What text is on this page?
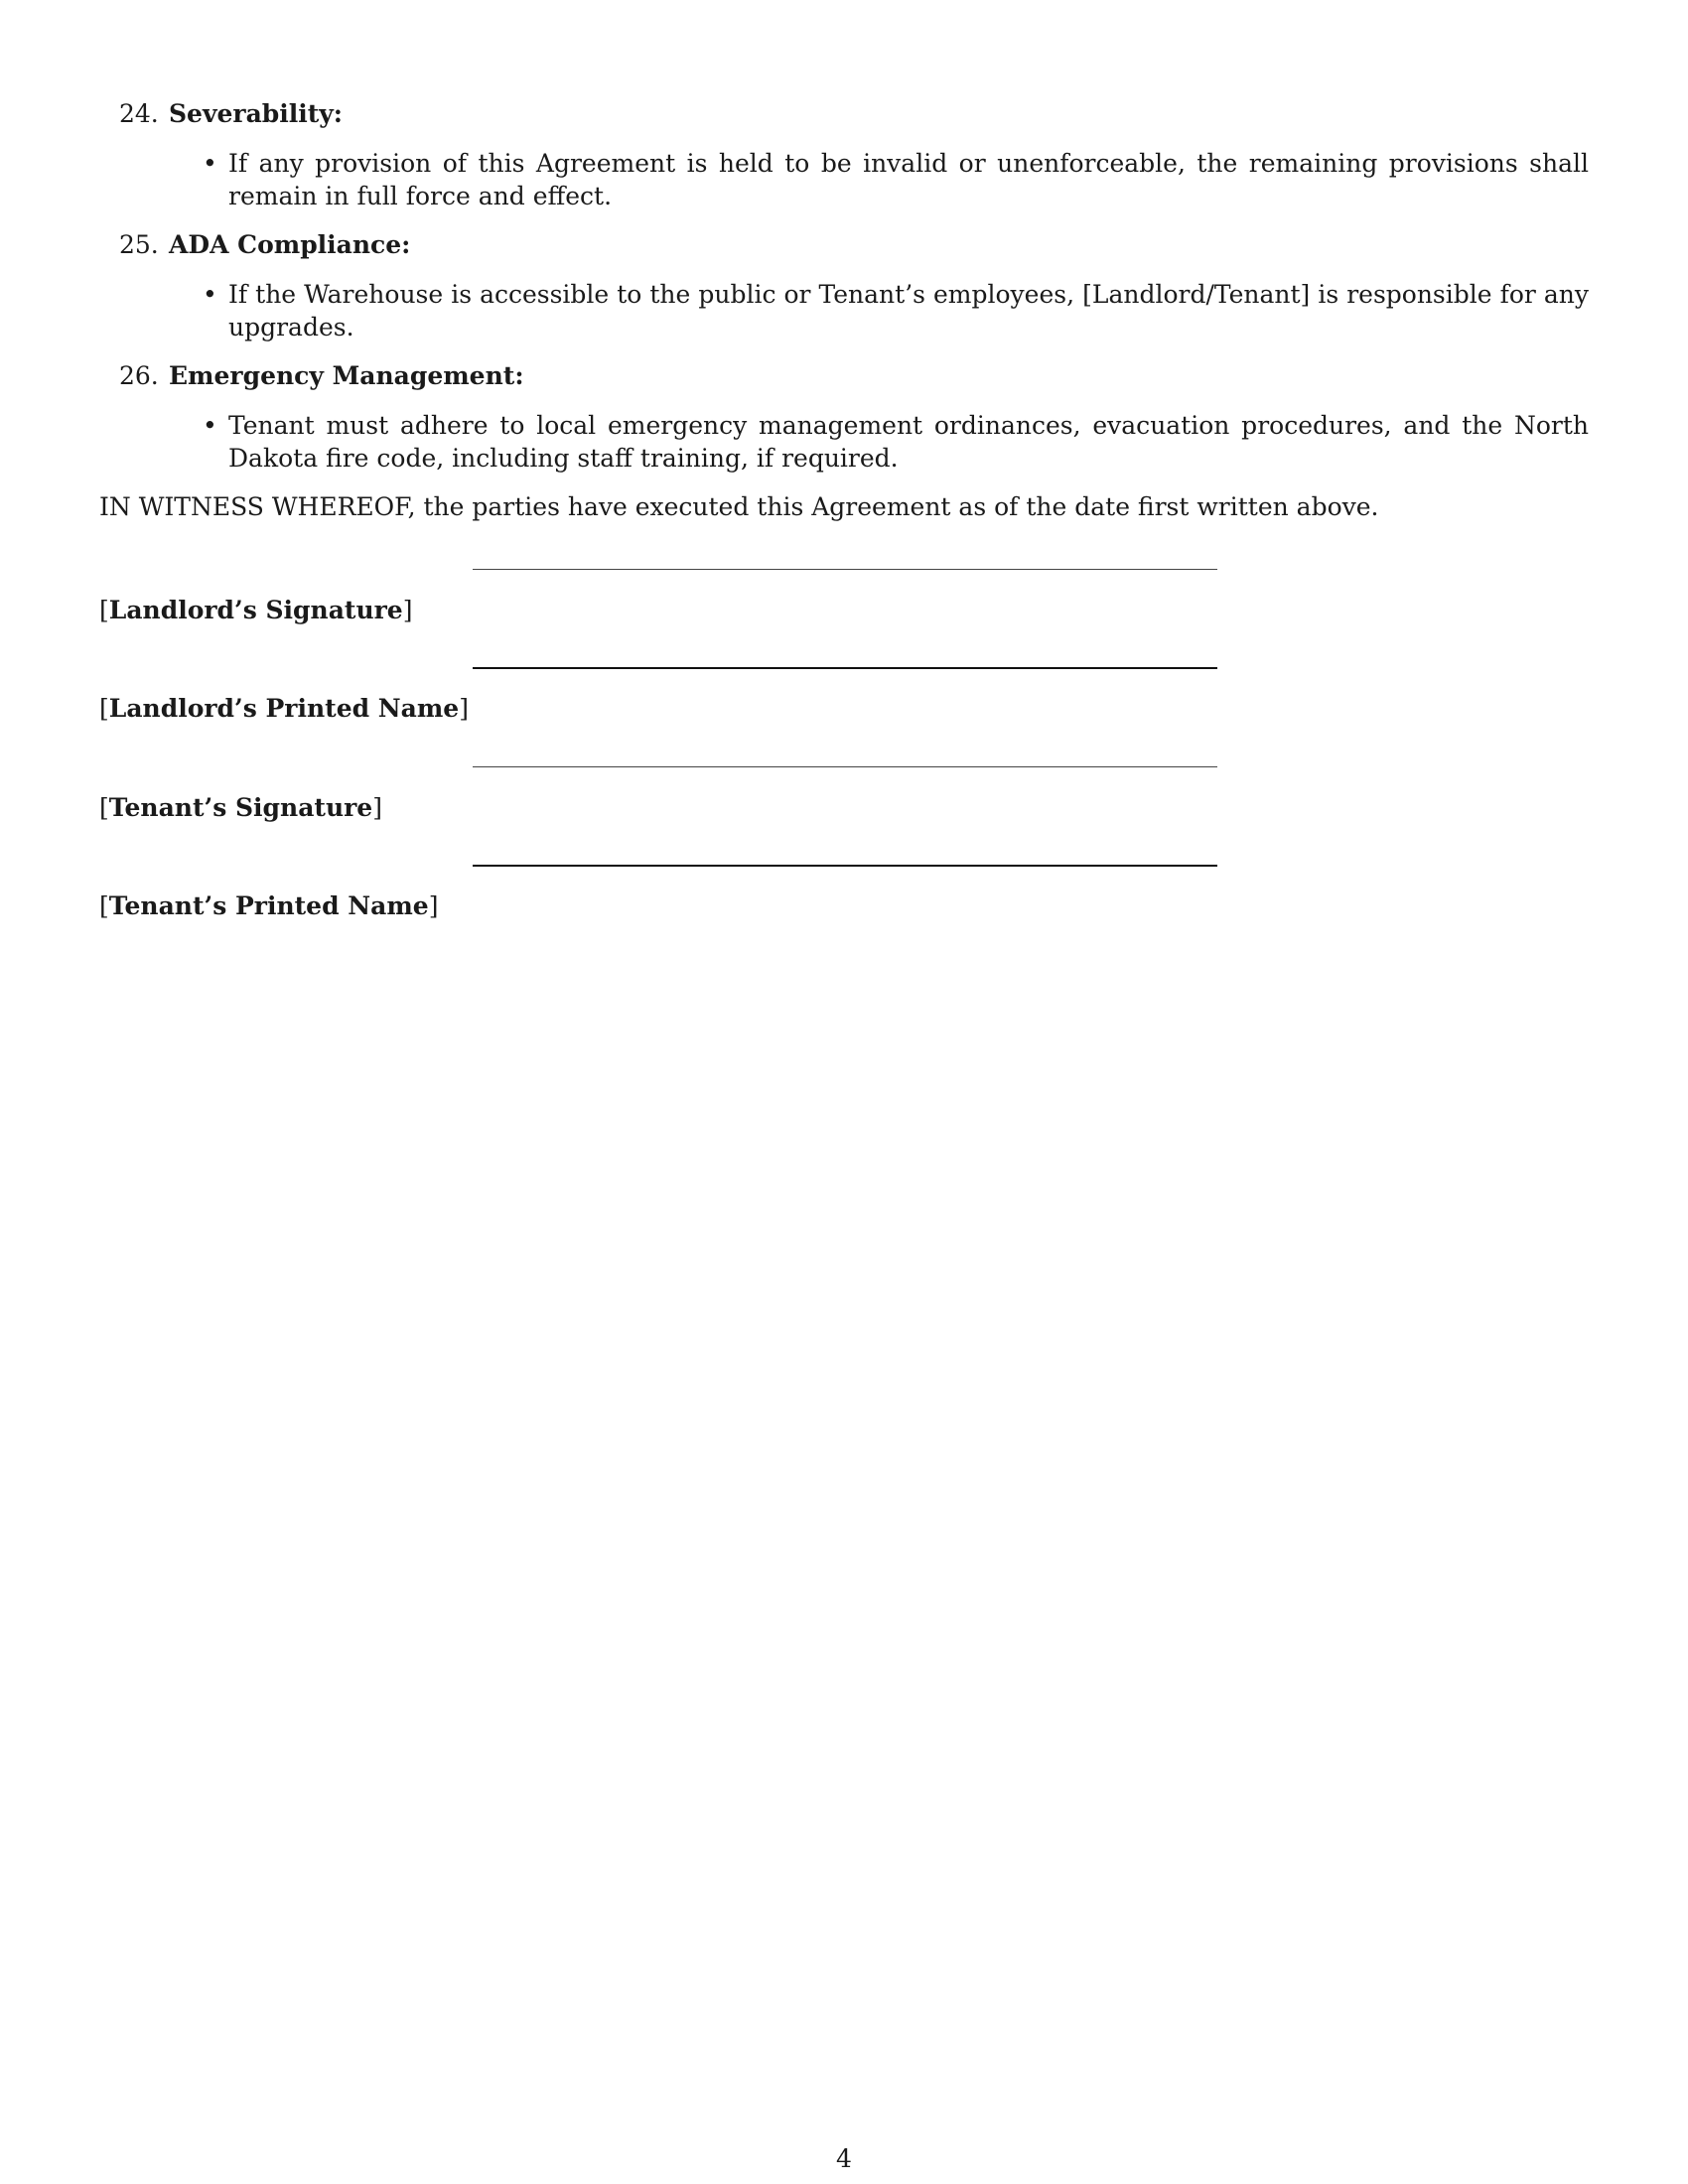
24. Severability:
• If any provision of this Agreement is held to be invalid or unenforceable, the remaining provisions shall remain in full force and effect.
25. ADA Compliance:
• If the Warehouse is accessible to the public or Tenant’s employees, [Landlord/Tenant] is responsible for any upgrades.
26. Emergency Management:
• Tenant must adhere to local emergency management ordinances, evacuation procedures, and the North Dakota fire code, including staff training, if required.

IN WITNESS WHEREOF, the parties have executed this Agreement as of the date first written above.

[Landlord’s Signature]
[Landlord’s Printed Name]
[Tenant’s Signature]
[Tenant’s Printed Name]
4
